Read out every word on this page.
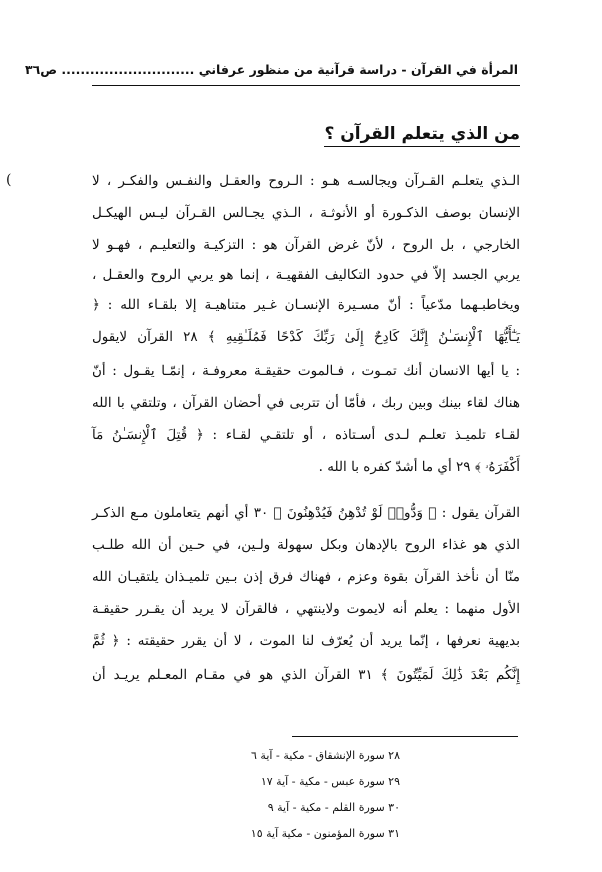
المرأة في القرآن - دراسة قرآنية من منظور عرفاني ............................ ص٣٦
(
من الذي يتعلم القرآن ؟
الـذي يتعلـم القـرآن ويجالسـه هـو : الـروح والعقـل والنفـس والفكـر ، لا
الإنسان بوصف الذكـورة أو الأنوثـة ، الـذي يجـالس القـرآن ليـس الهيكـل
الخارجي ، بل الروح ، لأنّ غرض القرآن هو : التزكيـة والتعليـم ، فهـو لا
يربي الجسد إلاّ في حدود التكاليف الفقهيـة ، إنما هو يربي الروح والعقـل ،
ويخاطبـهما مدّعياً : أنّ مسـيرة الإنسـان غـير متناهيـة إلا بلقـاء الله : ﴿
يَـٰٓأَيُّهَا ٱلْإِنسَـٰنُ إِنَّكَ كَادِحٌ إِلَىٰ رَبِّكَ كَدْحًا فَمُلَـٰقِيهِ ﴾ ٢٨ القرآن لايقول
: يا أيها الانسان أنك تمـوت ، فـالموت حقيقـة معروفـة ، إنمّـا يقـول : أنّ
هناك لقاء بينك وبين ربك ، فأمّا أن تتربى في أحضان القرآن ، وتلتقي با الله
لقـاء تلميـذ تعلـم لـدى أسـتاذه ، أو تلتقـي لقـاء : ﴿ قُتِلَ ٱلْإِنسَـٰنُ مَآ
أَكْفَرَهُۥ ﴾ ٢٩ أي ما أشدّ كفره با الله .
القرآن يقول : ﴿ وَدُّوا۟ لَوْ تُدْهِنُ فَيُدْهِنُونَ ﴾ ٣٠ أي أنهم يتعاملون مـع الذكـر
الذي هو غذاء الروح بالإدهان وبكل سهولة ولـين، في حـين أن الله طلـب
منّا أن نأخذ القرآن بقوة وعزم ، فهناك فرق إذن بـين تلميـذان يلتقيـان الله
الأول منهما : يعلم أنه لايموت ولاينتهي ، فالقرآن لا يريد أن يقـرر حقيقـة
بديهية نعرفها ، إنّما يريد أن يُعرّف لنا الموت ، لا أن يقرر حقيقته : ﴿ ثُمَّ
إِنَّكُم بَعْدَ ذَٰلِكَ لَمَيِّتُونَ ﴾ ٣١ القرآن الذي هو في مقـام المعـلم يريـد أن
٢٨ سورة الإنشقاق - مكية - آية ٦
٢٩ سورة عبس - مكية - آية ١٧
٣٠ سورة القلم - مكية - آية ٩
٣١ سورة المؤمنون - مكية آية ١٥
